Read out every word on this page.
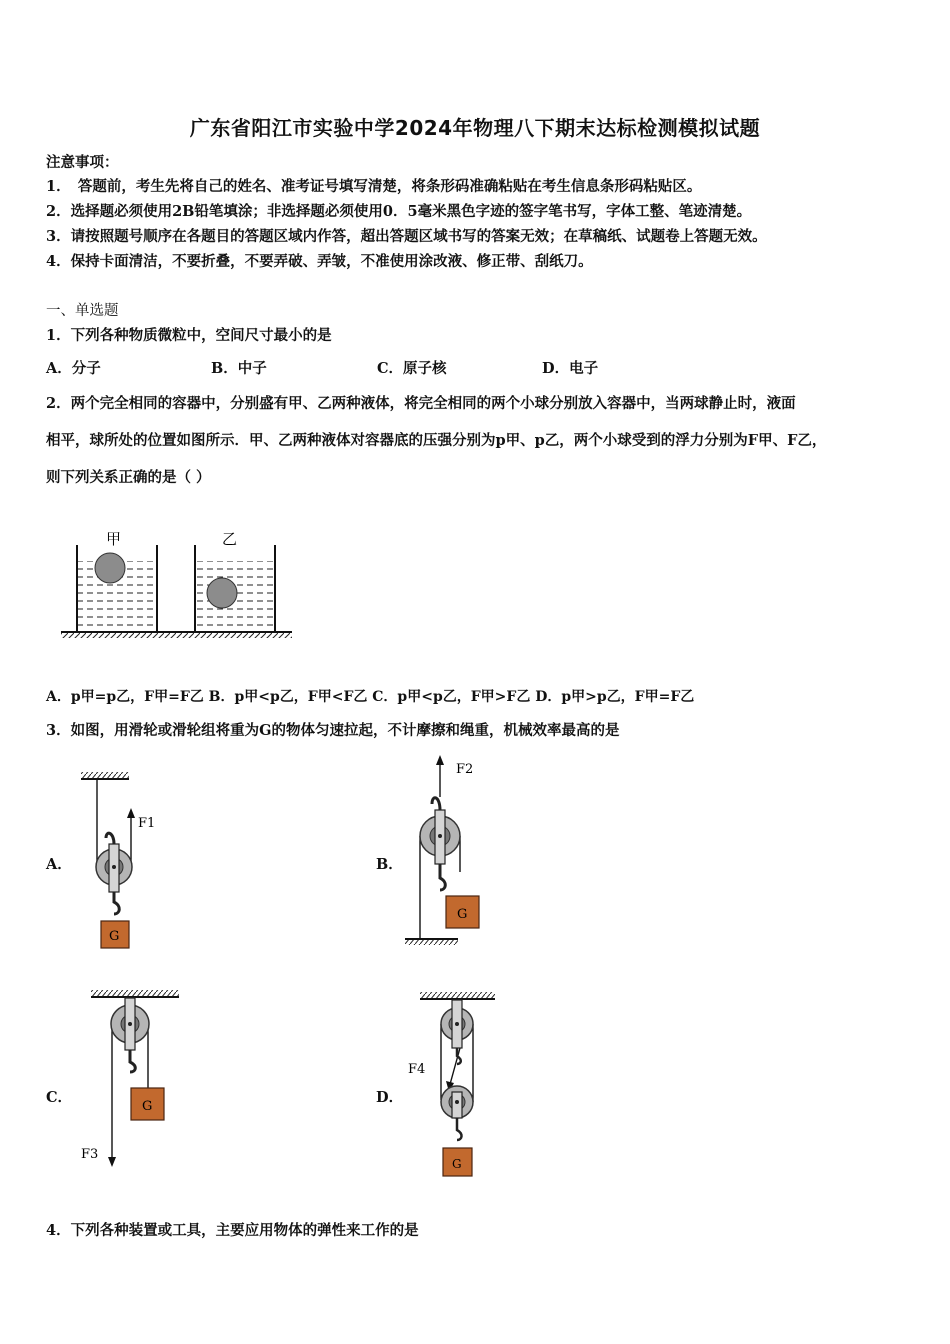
广东省阳江市实验中学2024年物理八下期末达标检测模拟试题
注意事项：
1．　答题前，考生先将自己的姓名、准考证号填写清楚，将条形码准确粘贴在考生信息条形码粘贴区。
2．选择题必须使用2B铅笔填涂；非选择题必须使用0．5毫米黑色字迹的签字笔书写，字体工整、笔迹清楚。
3．请按照题号顺序在各题目的答题区域内作答，超出答题区域书写的答案无效；在草稿纸、试题卷上答题无效。
4．保持卡面清洁，不要折叠，不要弄破、弄皱，不准使用涂改液、修正带、刮纸刀。
一、单选题
1．下列各种物质微粒中，空间尺寸最小的是
A．分子	B．中子	C．原子核	D．电子
2．两个完全相同的容器中，分别盛有甲、乙两种液体，将完全相同的两个小球分别放入容器中，当两球静止时，液面
相平，球所处的位置如图所示．甲、乙两种液体对容器底的压强分别为p甲、p乙，两个小球受到的浮力分别为F甲、F乙，
则下列关系正确的是（ ）
甲	乙
A．p甲=p乙，F甲=F乙 B．p甲<p乙，F甲<F乙 C．p甲<p乙，F甲>F乙 D．p甲>p乙，F甲=F乙
3．如图，用滑轮或滑轮组将重为G的物体匀速拉起，不计摩擦和绳重，机械效率最高的是
A．	B．
C．	D．
F1
G
F2
G
F3
G
F4
G
4．下列各种装置或工具，主要应用物体的弹性来工作的是
